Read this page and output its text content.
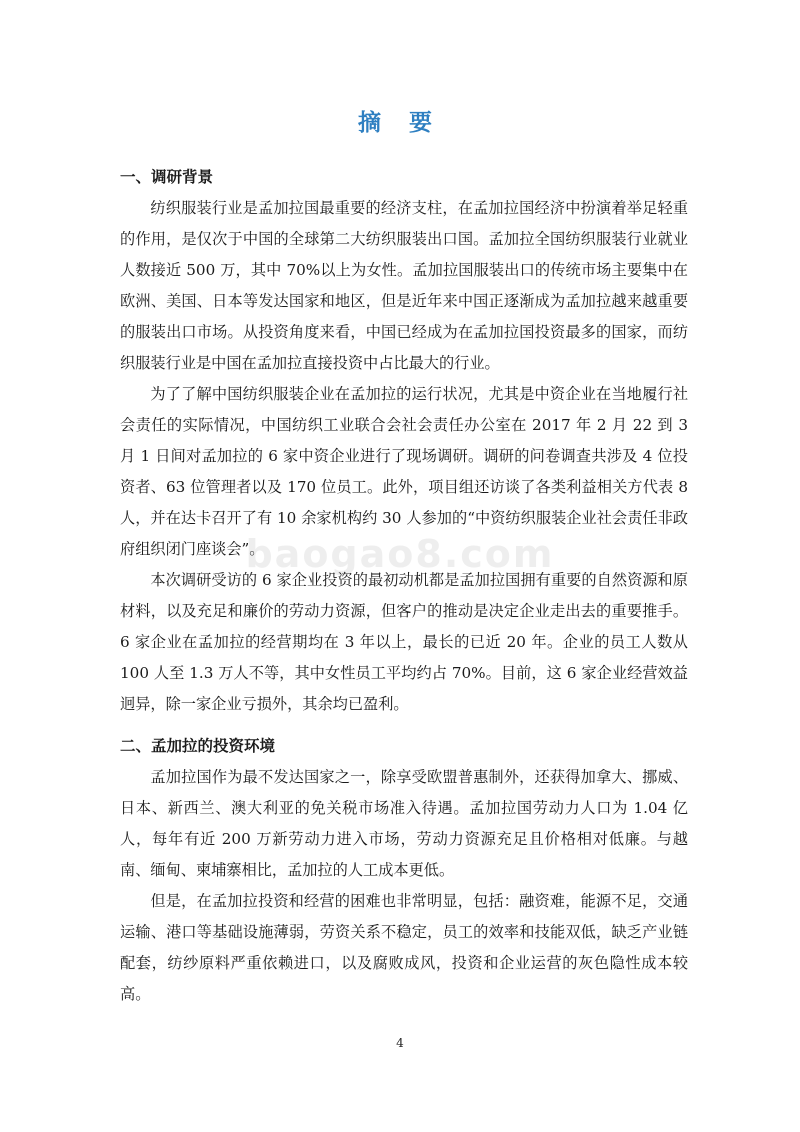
摘 要
一、调研背景

纺织服装行业是孟加拉国最重要的经济支柱，在孟加拉国经济中扮演着举足轻重的作用，是仅次于中国的全球第二大纺织服装出口国。孟加拉全国纺织服装行业就业人数接近 500 万，其中 70%以上为女性。孟加拉国服装出口的传统市场主要集中在欧洲、美国、日本等发达国家和地区，但是近年来中国正逐渐成为孟加拉越来越重要的服装出口市场。从投资角度来看，中国已经成为在孟加拉国投资最多的国家，而纺织服装行业是中国在孟加拉直接投资中占比最大的行业。

为了了解中国纺织服装企业在孟加拉的运行状况，尤其是中资企业在当地履行社会责任的实际情况，中国纺织工业联合会社会责任办公室在 2017 年 2 月 22 到 3 月 1 日间对孟加拉的 6 家中资企业进行了现场调研。调研的问卷调查共涉及 4 位投资者、63 位管理者以及 170 位员工。此外，项目组还访谈了各类利益相关方代表 8 人，并在达卡召开了有 10 余家机构约 30 人参加的“中资纺织服装企业社会责任非政府组织闭门座谈会”。

本次调研受访的 6 家企业投资的最初动机都是孟加拉国拥有重要的自然资源和原材料，以及充足和廉价的劳动力资源，但客户的推动是决定企业走出去的重要推手。6 家企业在孟加拉的经营期均在 3 年以上，最长的已近 20 年。企业的员工人数从 100 人至 1.3 万人不等，其中女性员工平均约占 70%。目前，这 6 家企业经营效益迥异，除一家企业亏损外，其余均已盈利。

二、孟加拉的投资环境

孟加拉国作为最不发达国家之一，除享受欧盟普惠制外，还获得加拿大、挪威、日本、新西兰、澳大利亚的免关税市场准入待遇。孟加拉国劳动力人口为 1.04 亿人，每年有近 200 万新劳动力进入市场，劳动力资源充足且价格相对低廉。与越南、缅甸、柬埔寨相比，孟加拉的人工成本更低。

但是，在孟加拉投资和经营的困难也非常明显，包括：融资难，能源不足，交通运输、港口等基础设施薄弱，劳资关系不稳定，员工的效率和技能双低，缺乏产业链配套，纺纱原料严重依赖进口，以及腐败成风，投资和企业运营的灰色隐性成本较高。

baogao8.com
4
